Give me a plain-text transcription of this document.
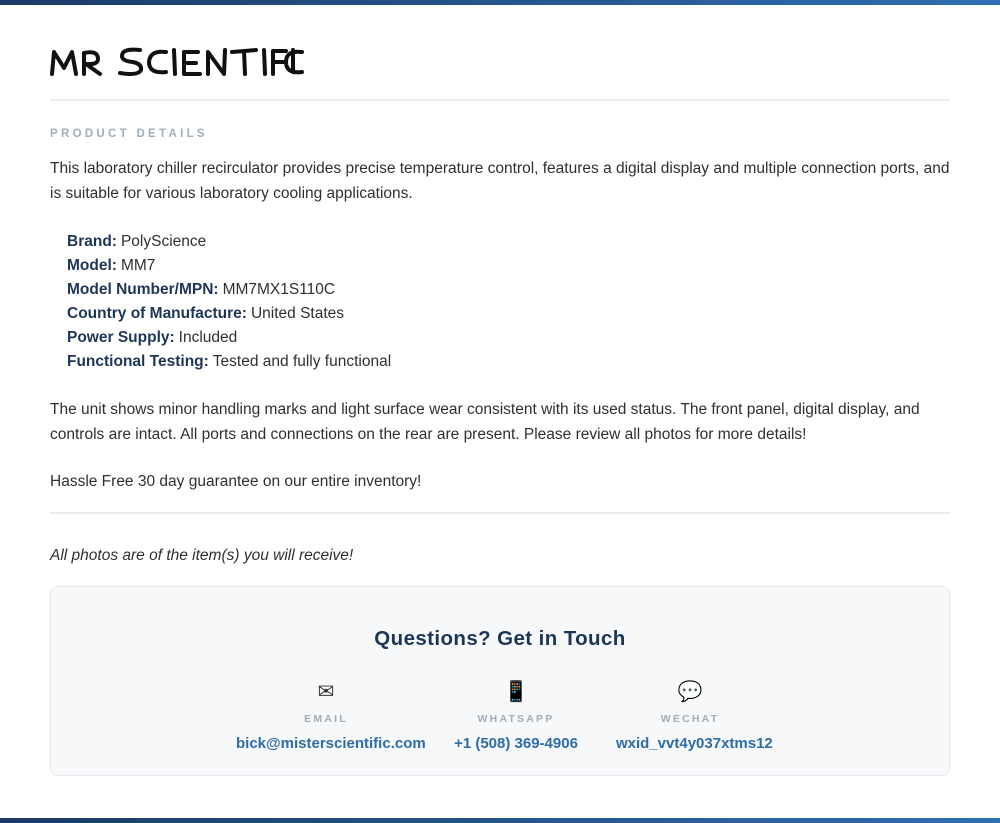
PRODUCT DETAILS

This laboratory chiller recirculator provides precise temperature control, features a digital display and multiple connection ports, and is suitable for various laboratory cooling applications.

Brand: PolyScience
Model: MM7
Model Number/MPN: MM7MX1S110C
Country of Manufacture: United States
Power Supply: Included
Functional Testing: Tested and fully functional

The unit shows minor handling marks and light surface wear consistent with its used status. The front panel, digital display, and controls are intact. All ports and connections on the rear are present. Please review all photos for more details!

Hassle Free 30 day guarantee on our entire inventory!

All photos are of the item(s) you will receive!
Questions? Get in Touch
✉
EMAIL
bick@misterscientific.com
📱
WHATSAPP
+1 (508) 369-4906
💬
WECHAT
wxid_vvt4y037xtms12
